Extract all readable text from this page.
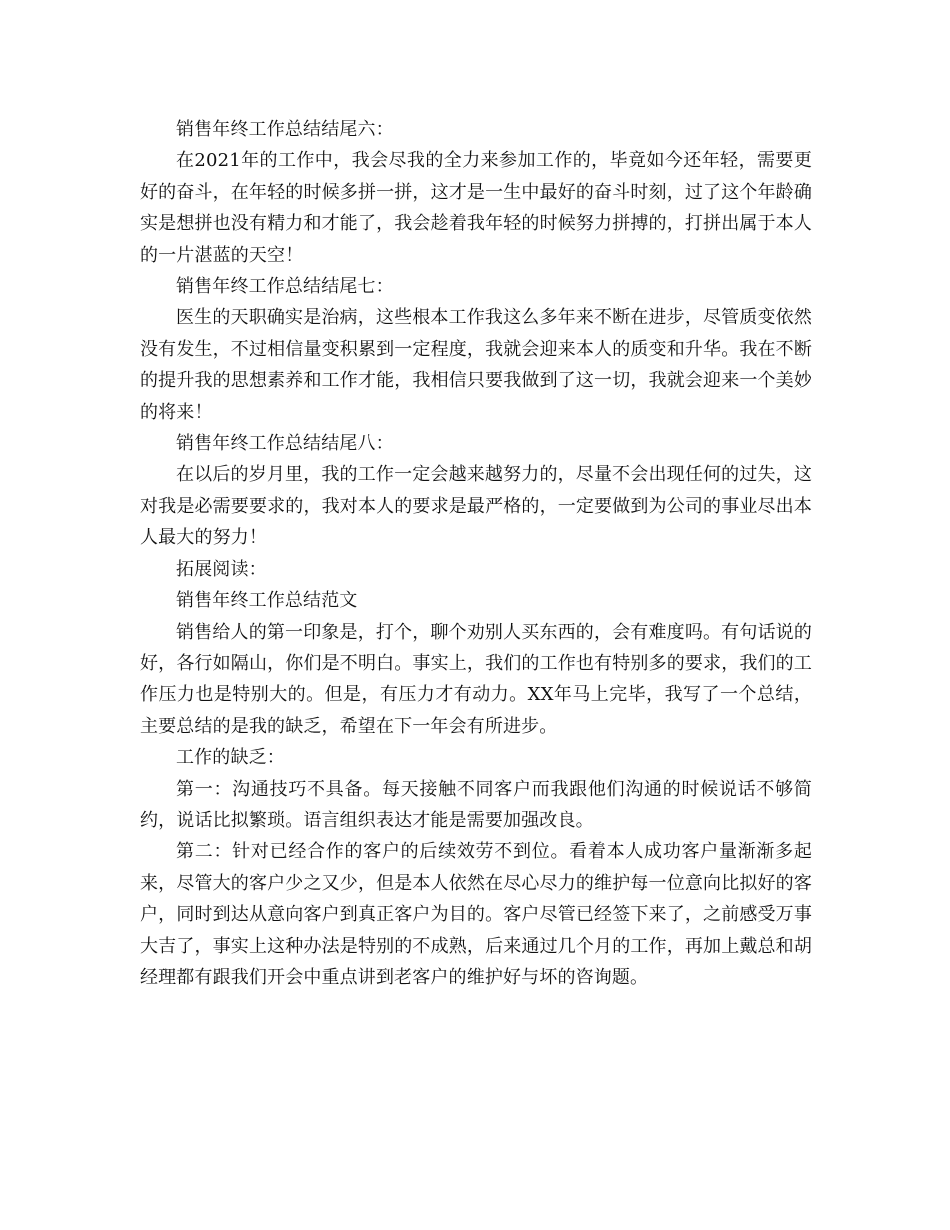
销售年终工作总结结尾六：

在2021年的工作中，我会尽我的全力来参加工作的，毕竟如今还年轻，需要更好的奋斗，在年轻的时候多拼一拼，这才是一生中最好的奋斗时刻，过了这个年龄确实是想拼也没有精力和才能了，我会趁着我年轻的时候努力拼搏的，打拼出属于本人的一片湛蓝的天空！

销售年终工作总结结尾七：

医生的天职确实是治病，这些根本工作我这么多年来不断在进步，尽管质变依然没有发生，不过相信量变积累到一定程度，我就会迎来本人的质变和升华。我在不断的提升我的思想素养和工作才能，我相信只要我做到了这一切，我就会迎来一个美妙的将来！

销售年终工作总结结尾八：

在以后的岁月里，我的工作一定会越来越努力的，尽量不会出现任何的过失，这对我是必需要要求的，我对本人的要求是最严格的，一定要做到为公司的事业尽出本人最大的努力！

拓展阅读：

销售年终工作总结范文

销售给人的第一印象是，打个，聊个劝别人买东西的，会有难度吗。有句话说的好，各行如隔山，你们是不明白。事实上，我们的工作也有特别多的要求，我们的工作压力也是特别大的。但是，有压力才有动力。XX年马上完毕，我写了一个总结，主要总结的是我的缺乏，希望在下一年会有所进步。

工作的缺乏：

第一：沟通技巧不具备。每天接触不同客户而我跟他们沟通的时候说话不够简约，说话比拟繁琐。语言组织表达才能是需要加强改良。

第二：针对已经合作的客户的后续效劳不到位。看着本人成功客户量渐渐多起来，尽管大的客户少之又少，但是本人依然在尽心尽力的维护每一位意向比拟好的客户，同时到达从意向客户到真正客户为目的。客户尽管已经签下来了，之前感受万事大吉了，事实上这种办法是特别的不成熟，后来通过几个月的工作，再加上戴总和胡经理都有跟我们开会中重点讲到老客户的维护好与坏的咨询题。
